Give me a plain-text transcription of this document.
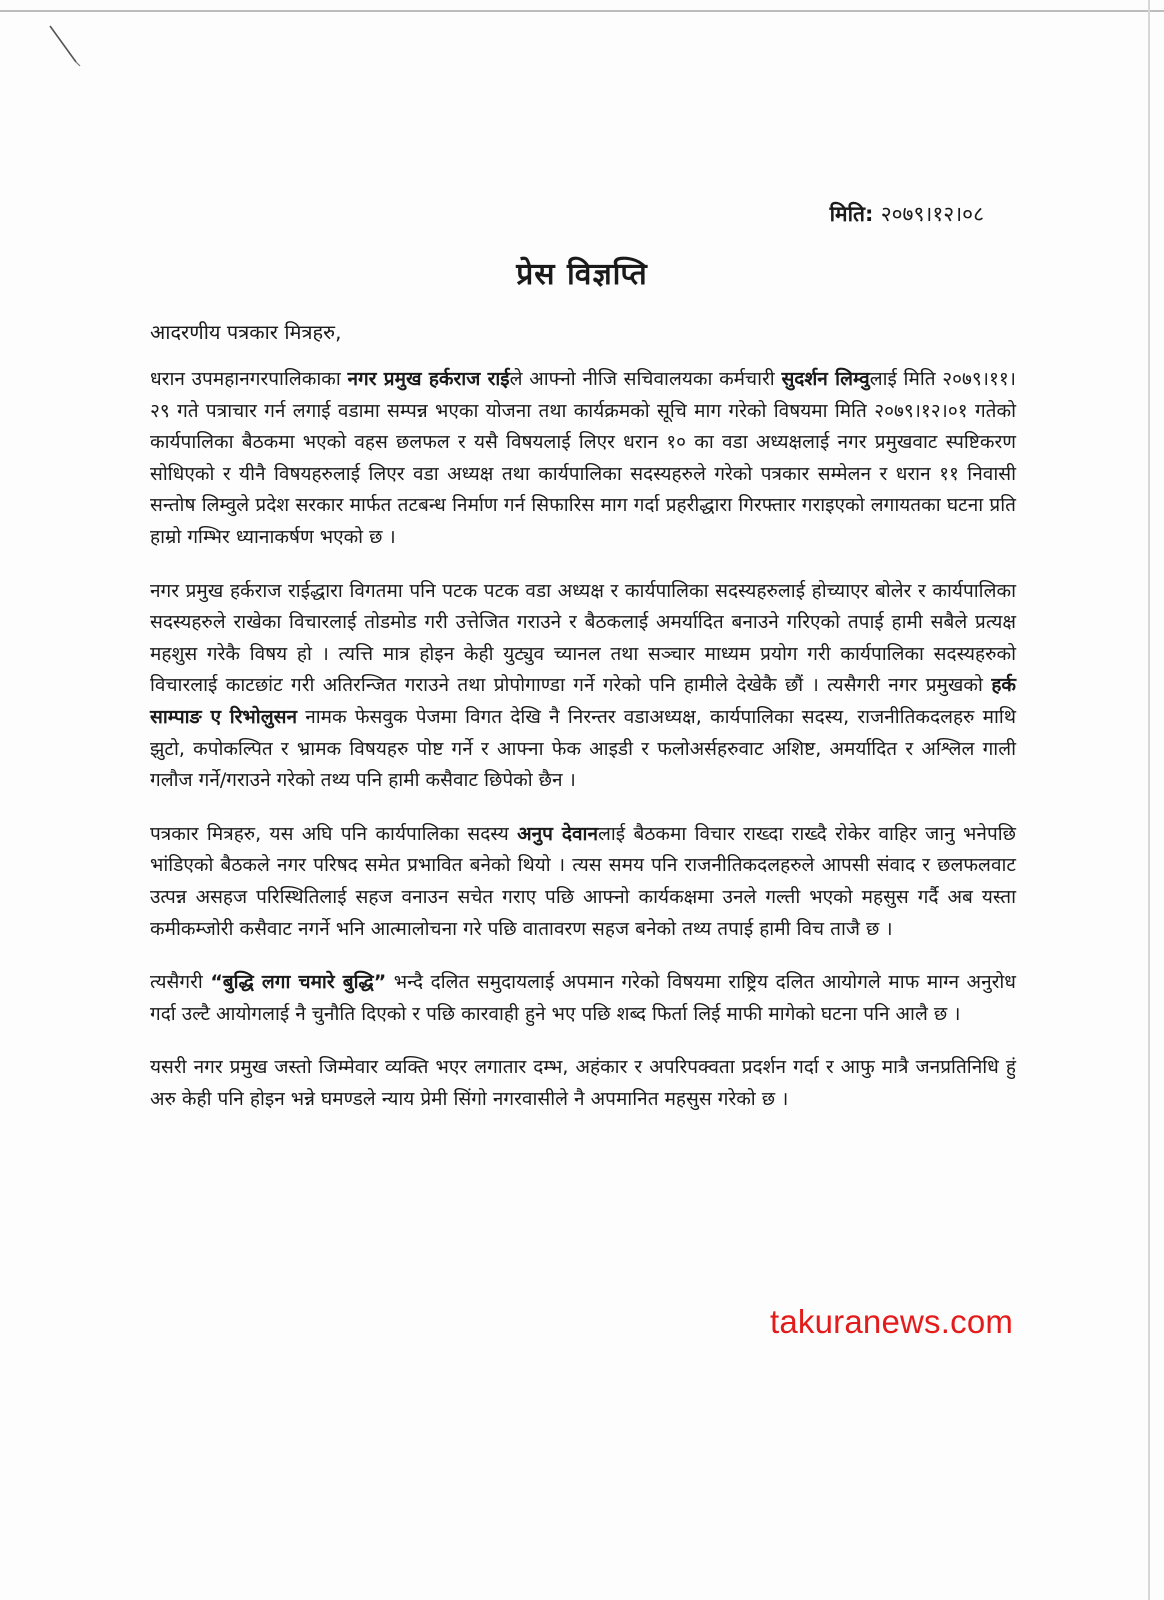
मिति: २०७९।१२।०८
प्रेस विज्ञप्ति
आदरणीय पत्रकार मित्रहरु,

धरान उपमहानगरपालिकाका नगर प्रमुख हर्कराज राईले आफ्नो नीजि सचिवालयका कर्मचारी सुदर्शन लिम्वुलाई मिति २०७९।११।२९ गते पत्राचार गर्न लगाई वडामा सम्पन्न भएका योजना तथा कार्यक्रमको सूचि माग गरेको विषयमा मिति २०७९।१२।०१ गतेको कार्यपालिका बैठकमा भएको वहस छलफल र यसै विषयलाई लिएर धरान १० का वडा अध्यक्षलाई नगर प्रमुखवाट स्पष्टिकरण सोधिएको र यीनै विषयहरुलाई लिएर वडा अध्यक्ष तथा कार्यपालिका सदस्यहरुले गरेको पत्रकार सम्मेलन र धरान ११ निवासी सन्तोष लिम्वुले प्रदेश सरकार मार्फत तटबन्ध निर्माण गर्न सिफारिस माग गर्दा प्रहरीद्धारा गिरफ्तार गराइएको लगायतका घटना प्रति हाम्रो गम्भिर ध्यानाकर्षण भएको छ ।

नगर प्रमुख हर्कराज राईद्धारा विगतमा पनि पटक पटक वडा अध्यक्ष र कार्यपालिका सदस्यहरुलाई होच्याएर बोलेर र कार्यपालिका सदस्यहरुले राखेका विचारलाई तोडमोड गरी उत्तेजित गराउने र बैठकलाई अमर्यादित बनाउने गरिएको तपाई हामी सबैले प्रत्यक्ष महशुस गरेकै विषय हो । त्यत्ति मात्र होइन केही युट्युव च्यानल तथा सञ्चार माध्यम प्रयोग गरी कार्यपालिका सदस्यहरुको विचारलाई काटछांट गरी अतिरन्जित गराउने तथा प्रोपोगाण्डा गर्ने गरेको पनि हामीले देखेकै छौं । त्यसैगरी नगर प्रमुखको हर्क साम्पाङ ए रिभोलुसन नामक फेसवुक पेजमा विगत देखि नै निरन्तर वडाअध्यक्ष, कार्यपालिका सदस्य, राजनीतिकदलहरु माथि झुटो, कपोकल्पित र भ्रामक विषयहरु पोष्ट गर्ने र आफ्ना फेक आइडी र फलोअर्सहरुवाट अशिष्ट, अमर्यादित र अश्लिल गाली गलौज गर्ने/गराउने गरेको तथ्य पनि हामी कसैवाट छिपेको छैन ।

पत्रकार मित्रहरु, यस अघि पनि कार्यपालिका सदस्य अनुप देवानलाई बैठकमा विचार राख्दा राख्दै रोकेर वाहिर जानु भनेपछि भांडिएको बैठकले नगर परिषद समेत प्रभावित बनेको थियो । त्यस समय पनि राजनीतिकदलहरुले आपसी संवाद र छलफलवाट उत्पन्न असहज परिस्थितिलाई सहज वनाउन सचेत गराए पछि आफ्नो कार्यकक्षमा उनले गल्ती भएको महसुस गर्दै अब यस्ता कमीकम्जोरी कसैवाट नगर्ने भनि आत्मालोचना गरे पछि वातावरण सहज बनेको तथ्य तपाई हामी विच ताजै छ ।

त्यसैगरी “बुद्धि लगा चमारे बुद्धि” भन्दै दलित समुदायलाई अपमान गरेको विषयमा राष्ट्रिय दलित आयोगले माफ माग्न अनुरोध गर्दा उल्टै आयोगलाई नै चुनौति दिएको र पछि कारवाही हुने भए पछि शब्द फिर्ता लिई माफी मागेको घटना पनि आलै छ ।

यसरी नगर प्रमुख जस्तो जिम्मेवार व्यक्ति भएर लगातार दम्भ, अहंकार र अपरिपक्वता प्रदर्शन गर्दा र आफु मात्रै जनप्रतिनिधि हुं अरु केही पनि होइन भन्ने घमण्डले न्याय प्रेमी सिंगो नगरवासीले नै अपमानित महसुस गरेको छ ।

takuranews.com
